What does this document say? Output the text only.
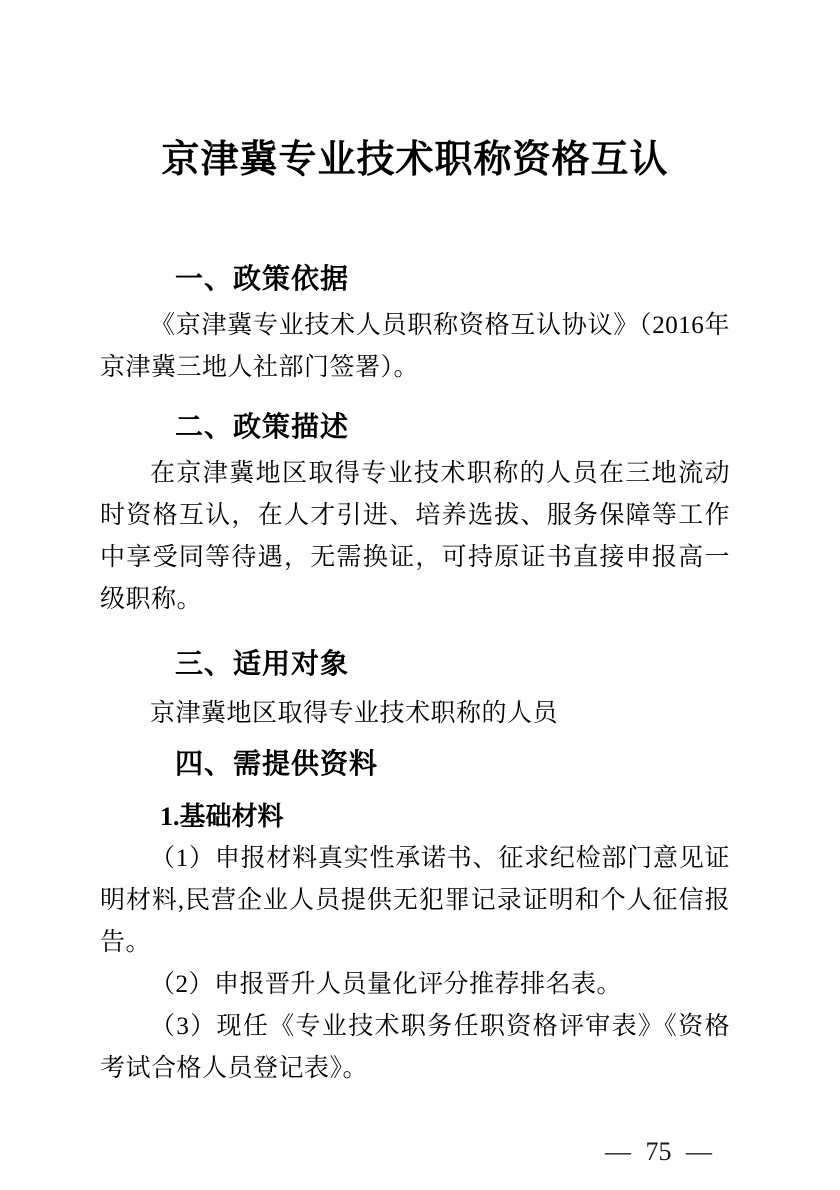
京津冀专业技术职称资格互认
一、政策依据

《京津冀专业技术人员职称资格互认协议》（2016年京津冀三地人社部门签署）。

二、政策描述

在京津冀地区取得专业技术职称的人员在三地流动时资格互认，在人才引进、培养选拔、服务保障等工作中享受同等待遇，无需换证，可持原证书直接申报高一级职称。

三、适用对象

京津冀地区取得专业技术职称的人员

四、需提供资料
1.基础材料

（1）申报材料真实性承诺书、征求纪检部门意见证明材料,民营企业人员提供无犯罪记录证明和个人征信报告。

（2）申报晋升人员量化评分推荐排名表。

（3）现任《专业技术职务任职资格评审表》《资格考试合格人员登记表》。

— 75 —
